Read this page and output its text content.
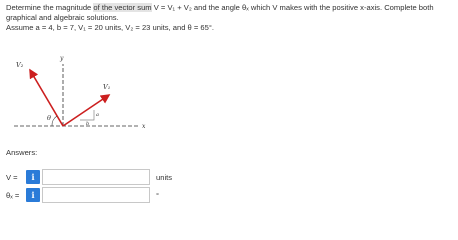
Determine the magnitude of the vector sum V = V₁ + V₂ and the angle θₓ which V makes with the positive x-axis. Complete both
graphical and algebraic solutions.
Assume a = 4, b = 7, V₁ = 20 units, V₂ = 23 units, and θ = 65°.
y
x
V₂
V₁
θ	a
b
Answers:
V =	i	units
θₓ =	i	°
